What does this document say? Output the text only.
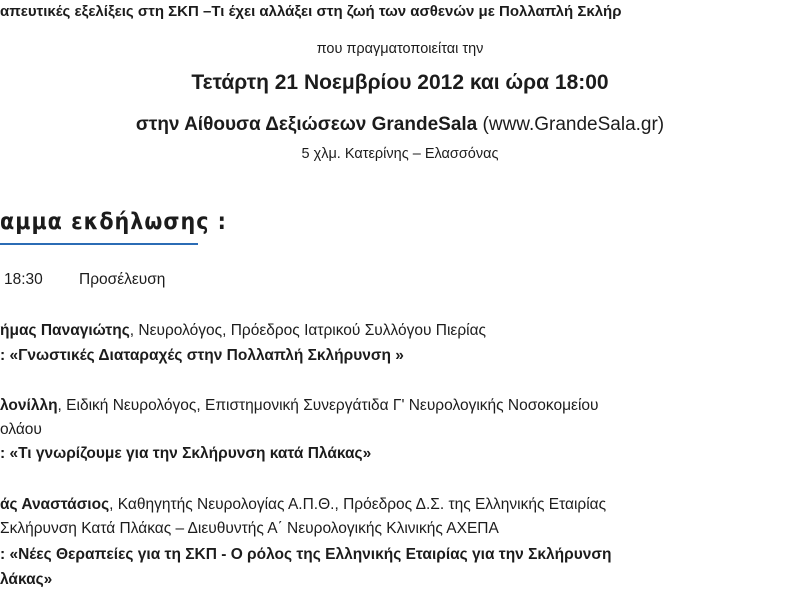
απευτικές εξελίξεις στη ΣΚΠ –Τι έχει αλλάξει στη ζωή των ασθενών με Πολλαπλή Σκλήρ
που πραγματοποιείται την
Τετάρτη 21 Νοεμβρίου 2012 και ώρα 18:00
στην Αίθουσα Δεξιώσεων GrandeSala (www.GrandeSala.gr)
5 χλμ. Κατερίνης – Ελασσόνας
αμμα εκδήλωσης :
18:30 Προσέλευση
ήμας Παναγιώτης, Νευρολόγος, Πρόεδρος Ιατρικού Συλλόγου Πιερίας
: «Γνωστικές Διαταραχές στην Πολλαπλή Σκλήρυνση »
λονίλλη, Ειδική Νευρολόγος, Επιστημονική Συνεργάτιδα Γ' Νευρολογικής Νοσοκομείου
ολάου
: «Τι γνωρίζουμε για την Σκλήρυνση κατά Πλάκας»
άς Αναστάσιος, Καθηγητής Νευρολογίας Α.Π.Θ., Πρόεδρος Δ.Σ. της Ελληνικής Εταιρίας
Σκλήρυνση Κατά Πλάκας – Διευθυντής Α΄ Νευρολογικής Κλινικής ΑΧΕΠΑ
: «Νέες Θεραπείες για τη ΣΚΠ - Ο ρόλος της Ελληνικής Εταιρίας για την Σκλήρυνση
λάκας»
